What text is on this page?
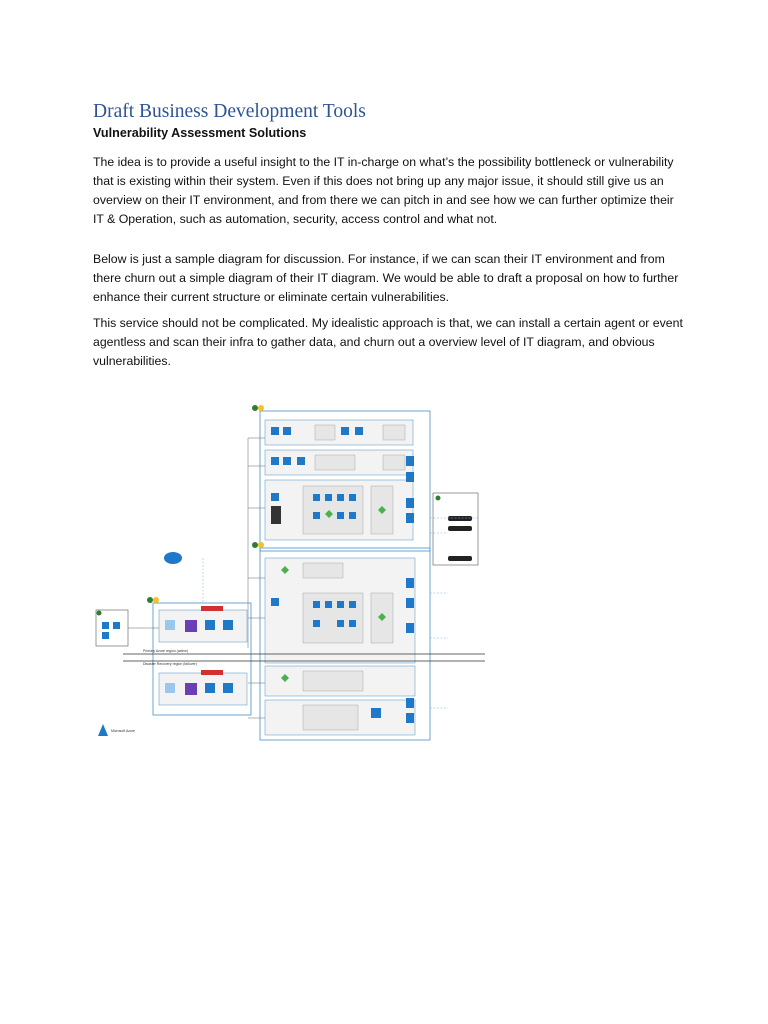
Draft Business Development Tools
Vulnerability Assessment Solutions

The idea is to provide a useful insight to the IT in-charge on what’s the possibility bottleneck or vulnerability that is existing within their system. Even if this does not bring up any major issue, it should still give us an overview on their IT environment, and from there we can pitch in and see how we can further optimize their IT & Operation, such as automation, security, access control and what not.

Below is just a sample diagram for discussion. For instance, if we can scan their IT environment and from there churn out a simple diagram of their IT diagram. We would be able to draft a proposal on how to further enhance their current structure or eliminate certain vulnerabilities.

This service should not be complicated. My idealistic approach is that, we can install a certain agent or event agentless and scan their infra to gather data, and churn out a overview level of IT diagram, and obvious vulnerabilities.

Primary Azure region (active)
Disaster Recovery region (failover)
Microsoft Azure
